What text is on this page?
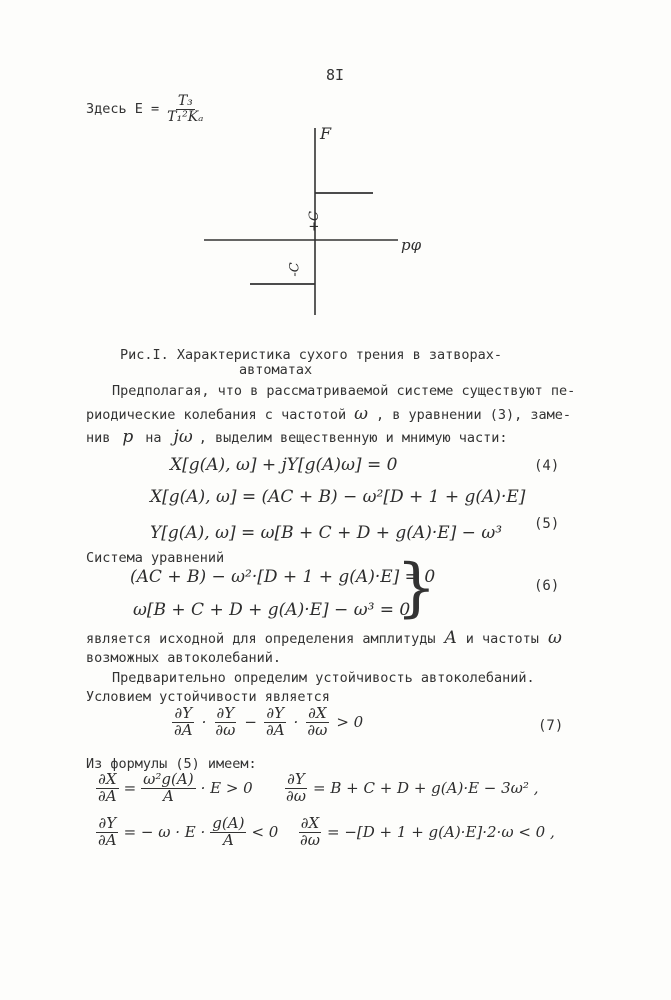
8I
Здесь $Е = \frac{\text{T₃}}{\text{T₁²Kₐ}}$
F
pφ
+C
-C
Рис.I. Характеристика сухого трения в затворах-
автоматах
Предполагая, что в рассматриваемой системе существуют пе-
риодические колебания с частотой ω , в уравнении (3), заме-
нив p на jω , выделим вещественную и мнимую части:
X[g(A), ω] + jY[g(A)ω] = 0	(4)
X[g(A), ω] = (AC + B) − ω²[D + 1 + g(A)·E]
Y[g(A), ω] = ω[B + C + D + g(A)·E] − ω³ (5)
Система уравнений
(AC + B) − ω²·[D + 1 + g(A)·E] = 0
ω[B + C + D + g(A)·E] − ω³ = 0
}	(6)
является исходной для определения амплитуды A и частоты ω
возможных автоколебаний.
Предварительно определим устойчивость автоколебаний.
Условием устойчивости является
$\frac{\partial Y}{\partial A} \cdot \frac{\partial Y}{\partial\omega} - \frac{\partial Y}{\partial A} \cdot \frac{\partial X}{\partial\omega} > 0$	(7)
Из формулы (5) имеем:
$\frac{\partial X}{\partial A} = \frac{\text{ω²g(A)}}{A} \cdot E > 0 \frac{\partial Y}{\partial\omega} = B + C + D + g(A)\cdot E - 3\omega^2$ ,
$\frac{\partial Y}{\partial A}$ = − $\omega \cdot E \cdot \frac{g(A)}{A} < 0 \frac{\partial X}{\partial\omega} = -[D + 1 + g(A)\cdot E]\cdot 2\cdot\omega < 0$ ,
